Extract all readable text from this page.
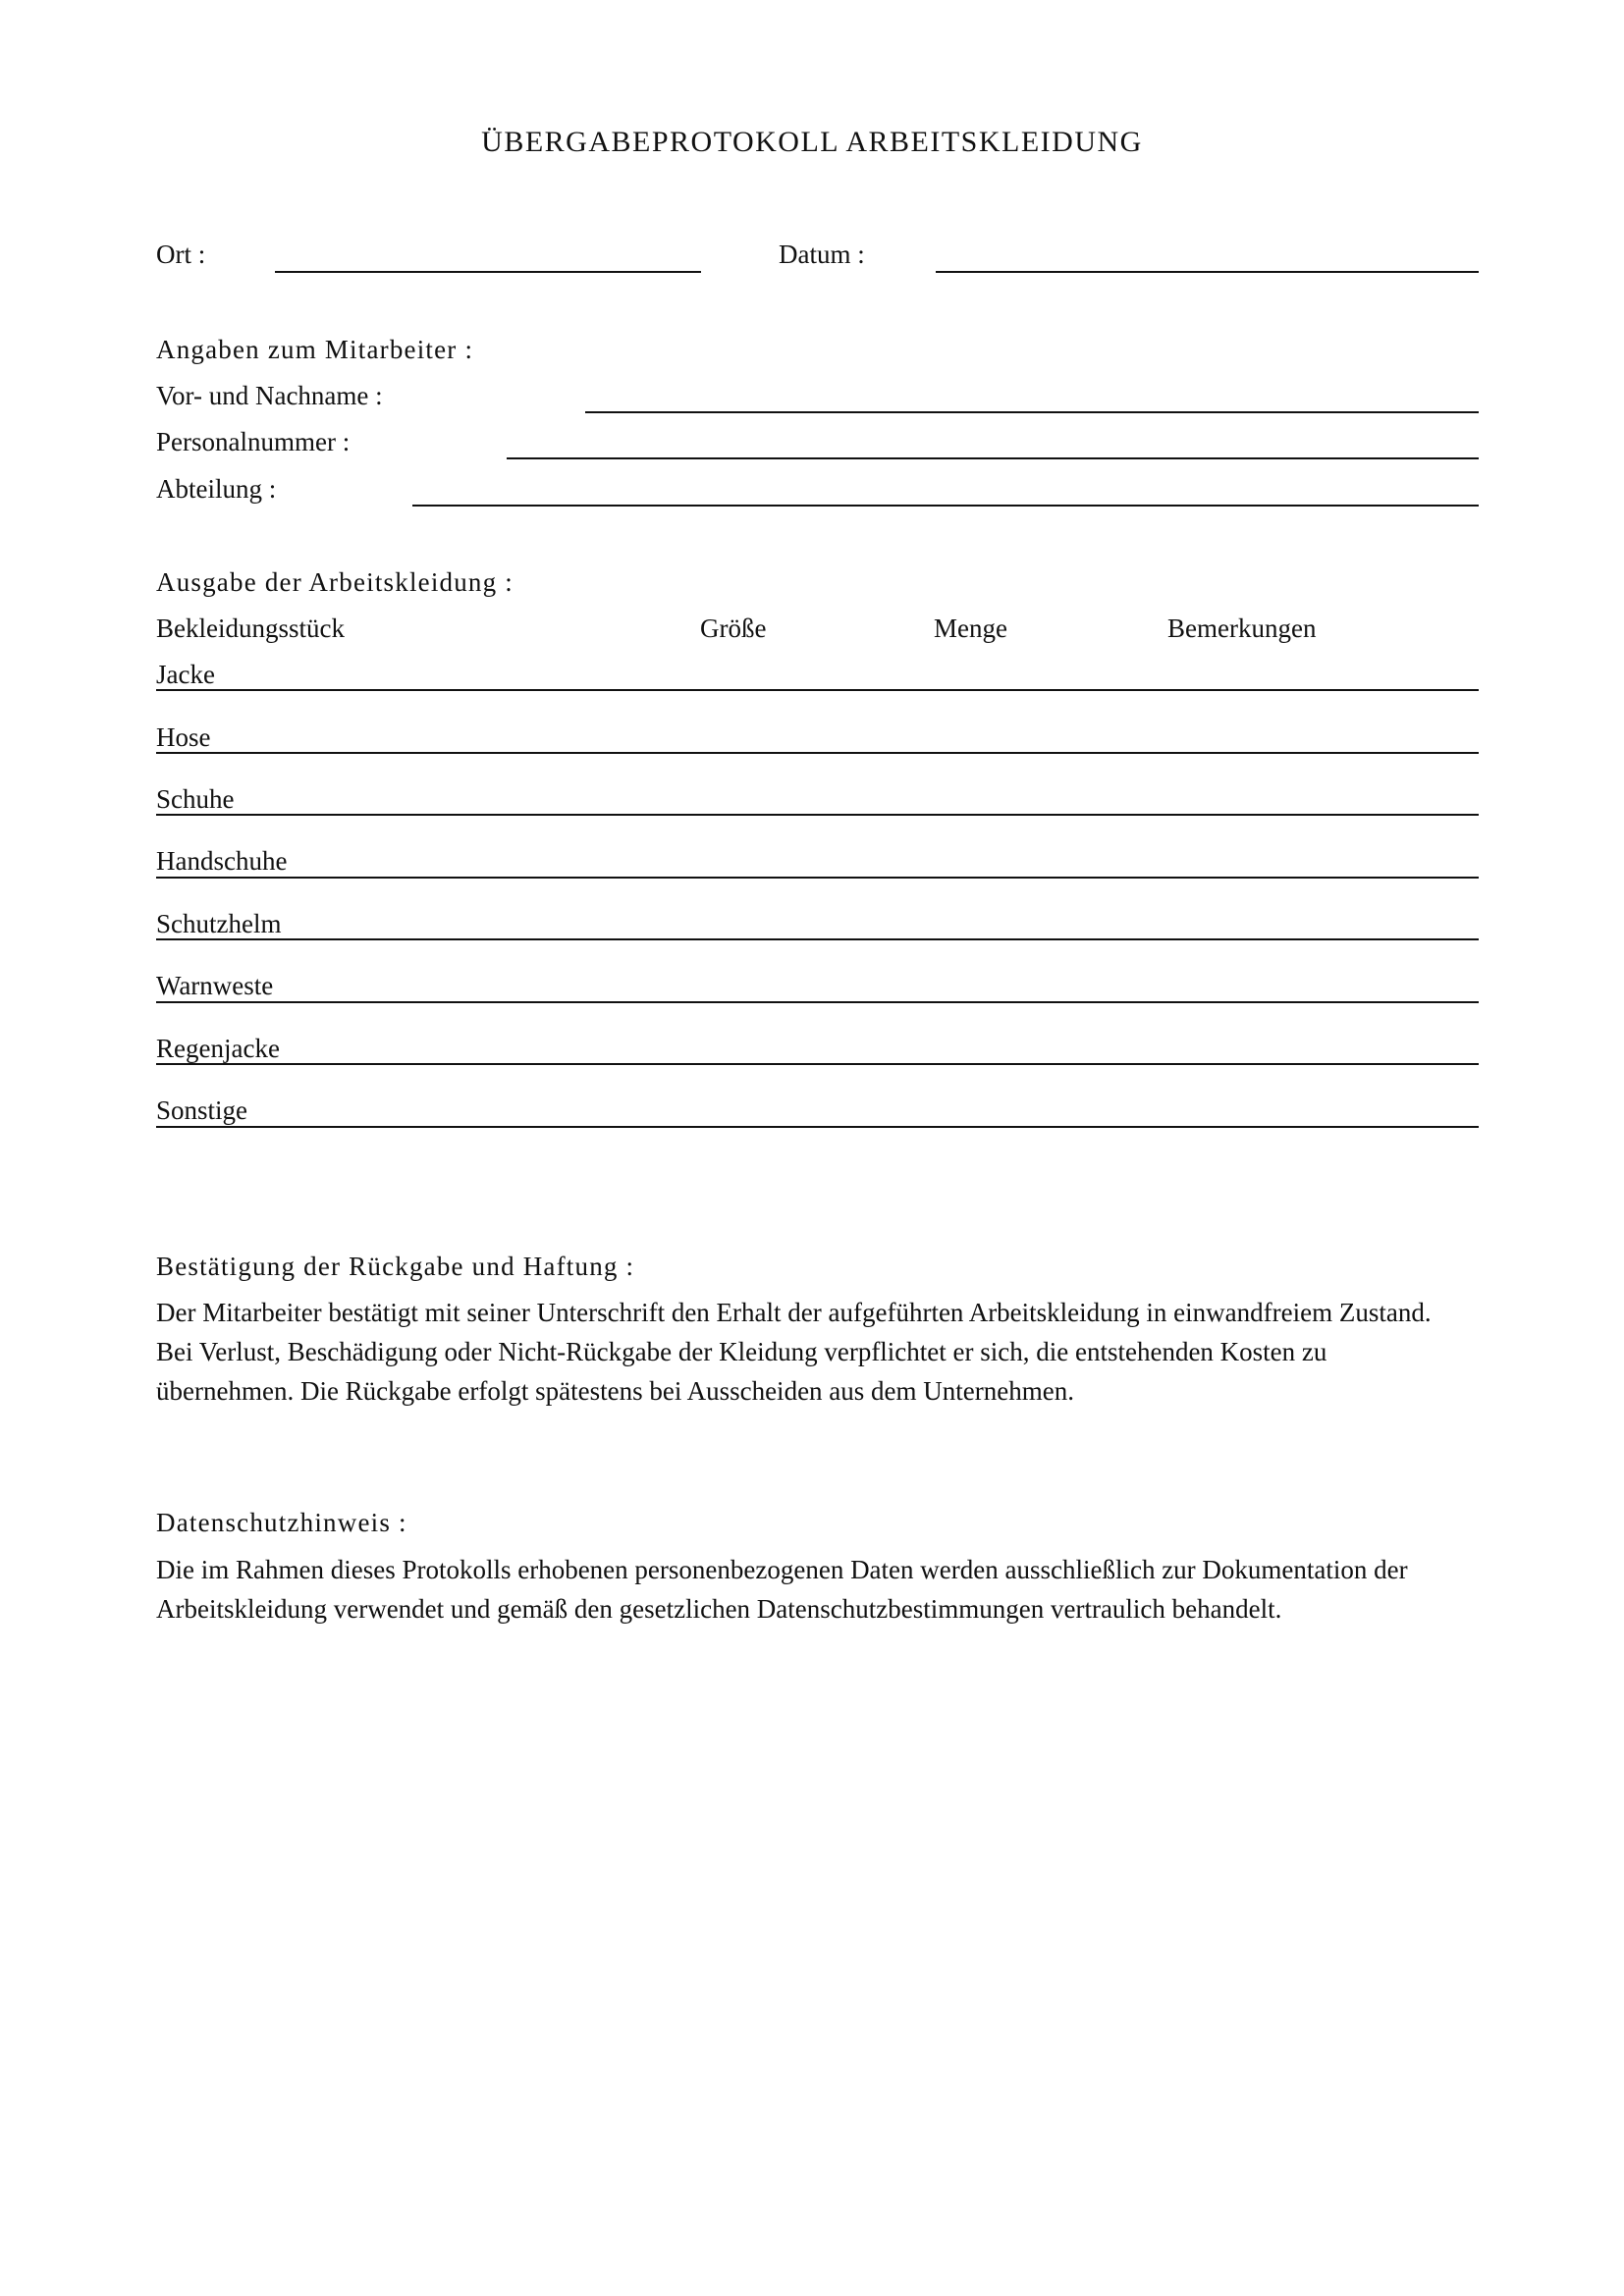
ÜBERGABEPROTOKOLL ARBEITSKLEIDUNG
Ort :	Datum :
Angaben zum Mitarbeiter :
Vor- und Nachname :
Personalnummer :
Abteilung :
Ausgabe der Arbeitskleidung :
Bekleidungsstück	Größe	Menge	Bemerkungen
Jacke
Hose
Schuhe
Handschuhe
Schutzhelm
Warnweste
Regenjacke
Sonstige
Bestätigung der Rückgabe und Haftung :

Der Mitarbeiter bestätigt mit seiner Unterschrift den Erhalt der aufgeführten Arbeitskleidung in einwandfreiem Zustand.

Bei Verlust, Beschädigung oder Nicht-Rückgabe der Kleidung verpflichtet er sich, die entstehenden Kosten zu

übernehmen. Die Rückgabe erfolgt spätestens bei Ausscheiden aus dem Unternehmen.

Datenschutzhinweis :

Die im Rahmen dieses Protokolls erhobenen personenbezogenen Daten werden ausschließlich zur Dokumentation der

Arbeitskleidung verwendet und gemäß den gesetzlichen Datenschutzbestimmungen vertraulich behandelt.
